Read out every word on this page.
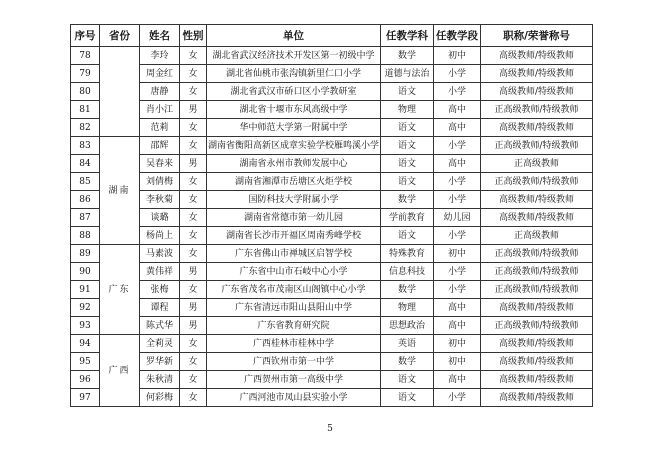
序号	省份	姓名	性别	单位	任教学科	任教学段	职称/荣誉称号
78		李玲	女	湖北省武汉经济技术开发区第一初级中学	数学	初中	高级教师/特级教师
79		周金红	女	湖北省仙桃市张沟镇新里仁口小学	道德与法治	小学	高级教师/特级教师
80		唐静	女	湖北省武汉市硚口区小学教研室	语文	小学	高级教师/特级教师
81		肖小江	男	湖北省十堰市东风高级中学	物理	高中	正高级教师/特级教师
82		范莉	女	华中师范大学第一附属中学	语文	高中	高级教师/特级教师
83	湖南	邵辉	女	湖南省衡阳高新区成章实验学校雁鸣溪小学	语文	小学	正高级教师/特级教师
84		吴春来	男	湖南省永州市教师发展中心	语文	高中	正高级教师
85		刘倩梅	女	湖南省湘潭市岳塘区火炬学校	语文	小学	正高级教师/特级教师
86		李秋菊	女	国防科技大学附属小学	数学	小学	高级教师/特级教师
87		谈璐	女	湖南省常德市第一幼儿园	学前教育	幼儿园	高级教师/特级教师
88		杨尚上	女	湖南省长沙市开福区周南秀峰学校	语文	小学	正高级教师
89	广东	马素波	女	广东省佛山市禅城区启智学校	特殊教育	初中	正高级教师/特级教师
90		黄伟祥	男	广东省中山市石岐中心小学	信息科技	小学	正高级教师/特级教师
91		张梅	女	广东省茂名市茂南区山阁镇中心小学	数学	小学	正高级教师/特级教师
92		谭程	男	广东省清远市阳山县阳山中学	物理	高中	高级教师/特级教师
93		陈式华	男	广东省教育研究院	思想政治	高中	正高级教师/特级教师
94	广西	全莉灵	女	广西桂林市桂林中学	英语	初中	高级教师/特级教师
95		罗华新	女	广西钦州市第一中学	数学	初中	高级教师/特级教师
96		朱秋清	女	广西贺州市第一高级中学	语文	高中	高级教师/特级教师
97		何彩梅	女	广西河池市凤山县实验小学	语文	小学	高级教师/特级教师
5
